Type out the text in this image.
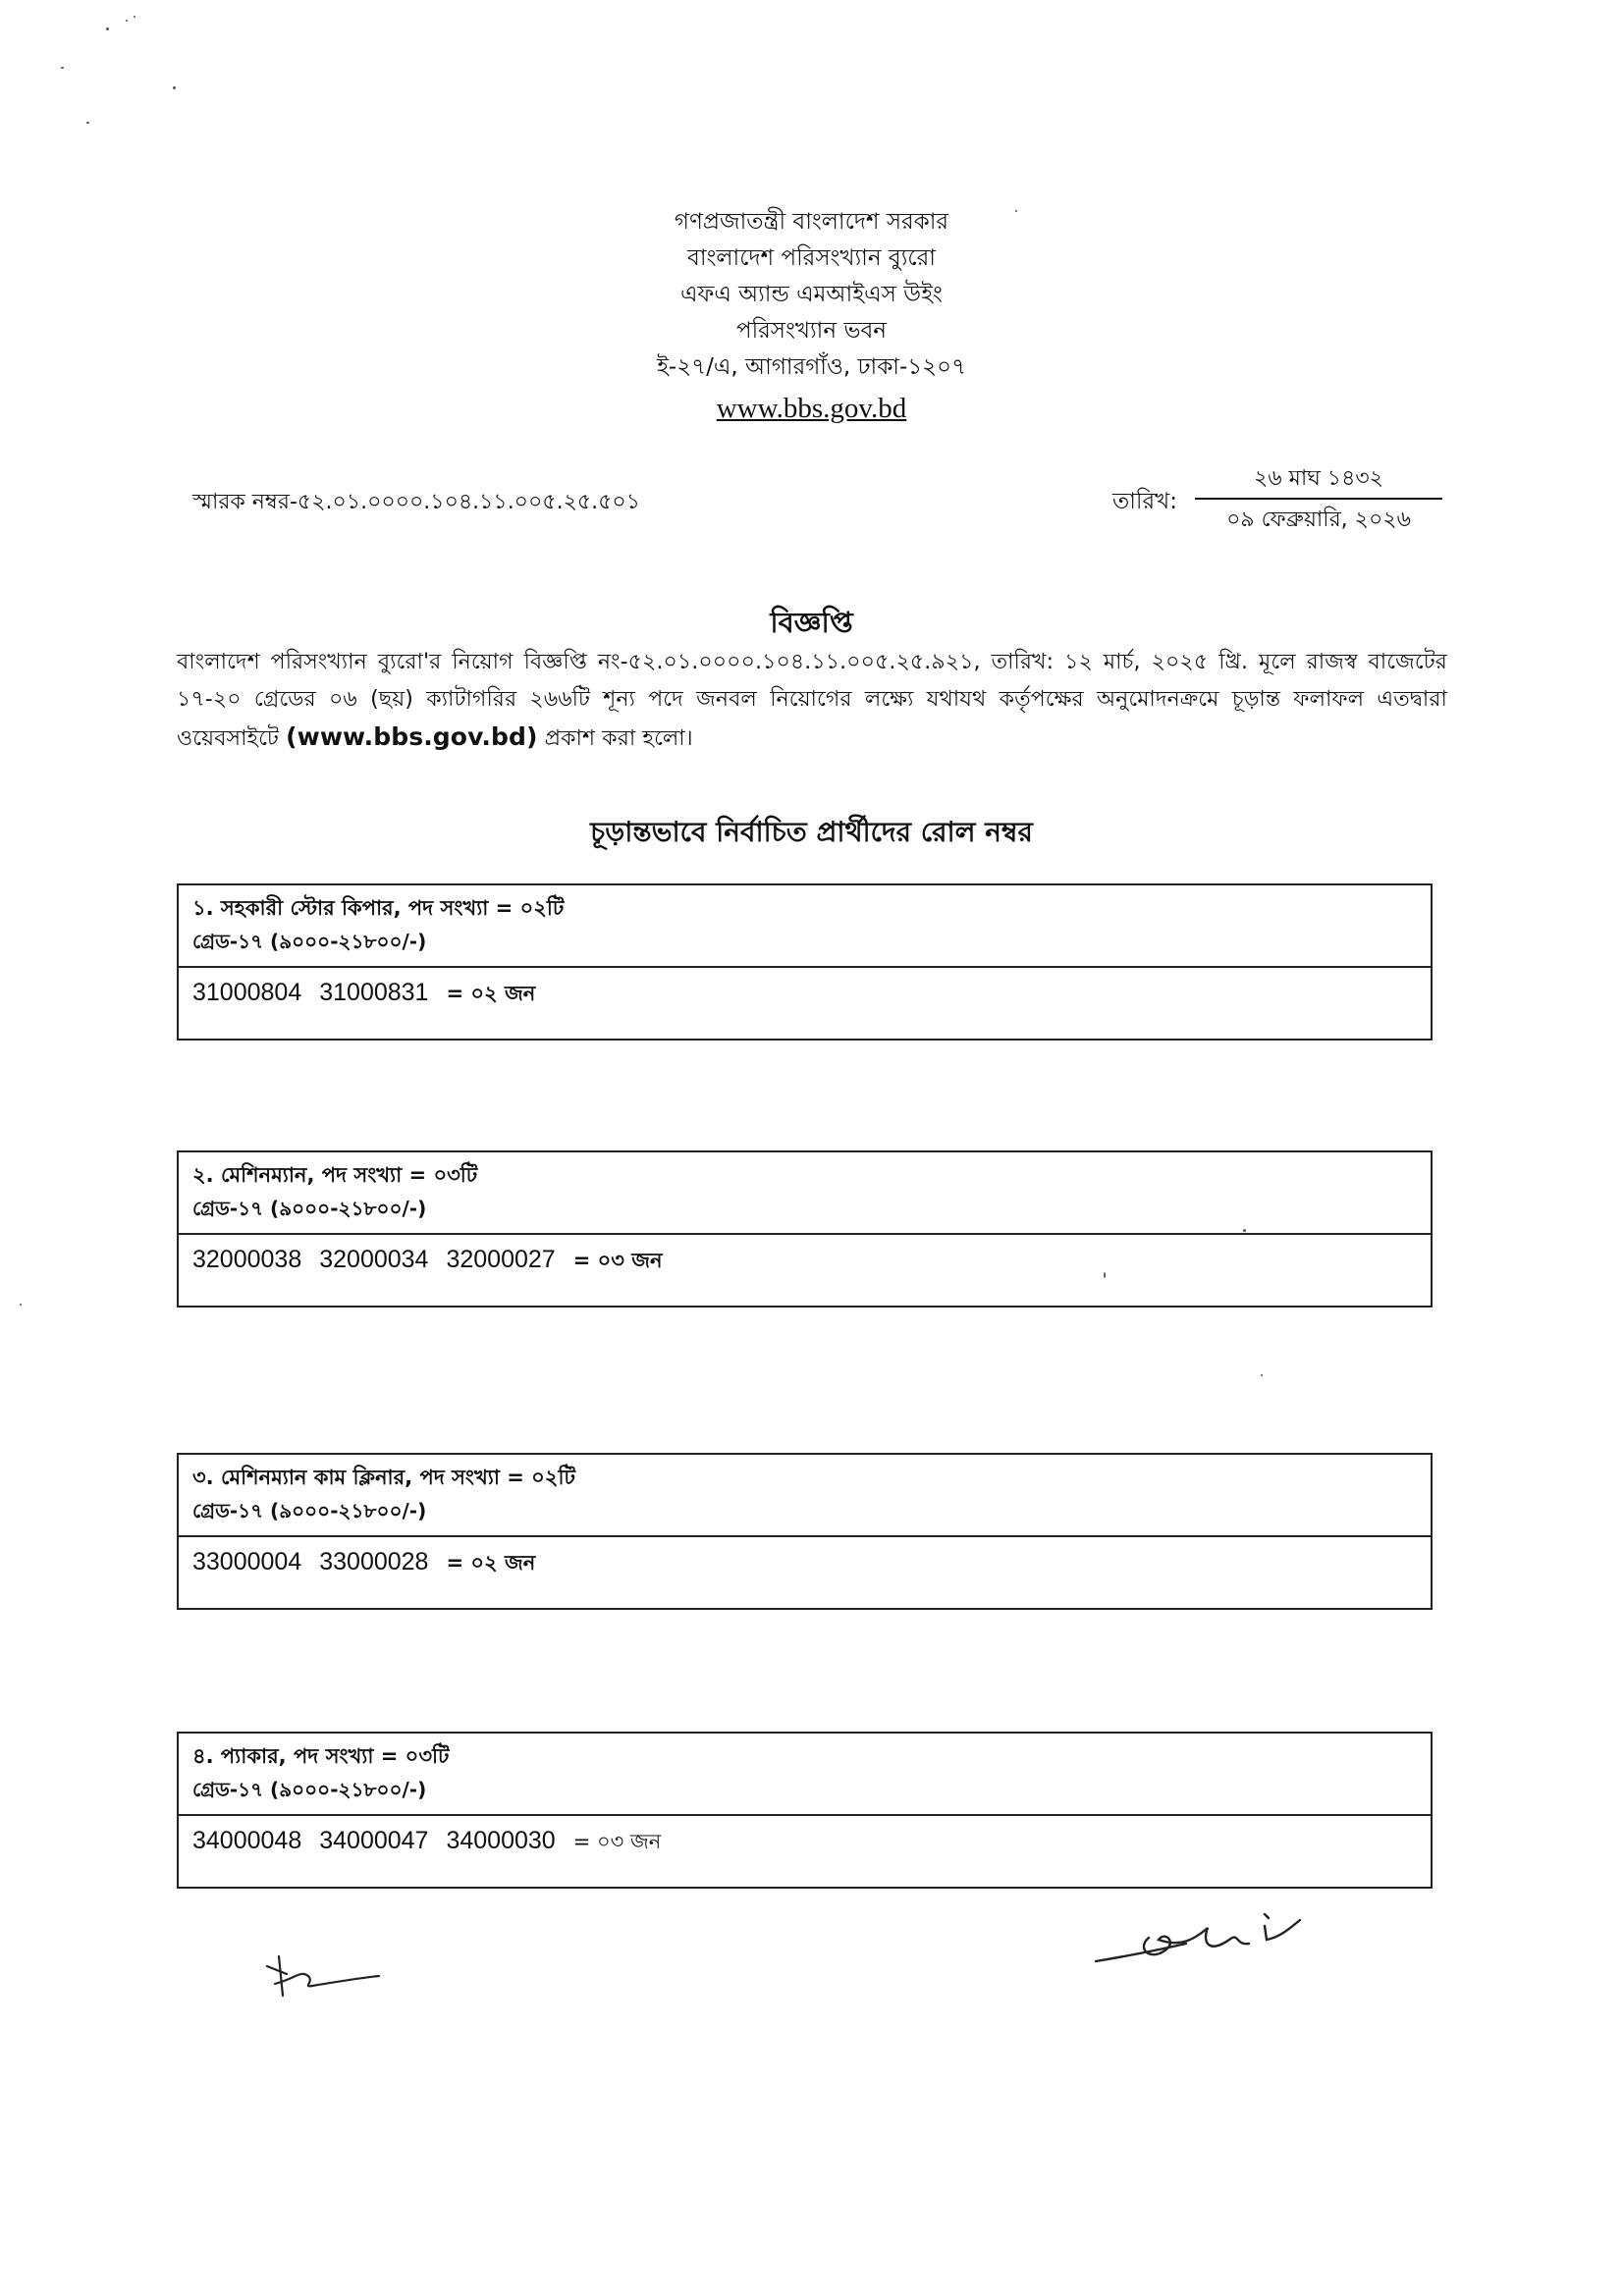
গণপ্রজাতন্ত্রী বাংলাদেশ সরকার
বাংলাদেশ পরিসংখ্যান ব্যুরো
এফএ অ্যান্ড এমআইএস উইং
পরিসংখ্যান ভবন
ই-২৭/এ, আগারগাঁও, ঢাকা-১২০৭
www.bbs.gov.bd
স্মারক নম্বর-৫২.০১.০০০০.১০৪.১১.০০৫.২৫.৫০১	তারিখ:
২৬ মাঘ ১৪৩২
০৯ ফেব্রুয়ারি, ২০২৬
বিজ্ঞপ্তি
বাংলাদেশ পরিসংখ্যান ব্যুরো'র নিয়োগ বিজ্ঞপ্তি নং-৫২.০১.০০০০.১০৪.১১.০০৫.২৫.৯২১, তারিখ: ১২ মার্চ, ২০২৫ খ্রি. মূলে রাজস্ব বাজেটের ১৭-২০ গ্রেডের ০৬ (ছয়) ক্যাটাগরির ২৬৬টি শূন্য পদে জনবল নিয়োগের লক্ষ্যে যথাযথ কর্তৃপক্ষের অনুমোদনক্রমে চূড়ান্ত ফলাফল এতদ্বারা ওয়েবসাইটে (www.bbs.gov.bd) প্রকাশ করা হলো।
চূড়ান্তভাবে নির্বাচিত প্রার্থীদের রোল নম্বর
১. সহকারী স্টোর কিপার, পদ সংখ্যা = ০২টি
গ্রেড-১৭ (৯০০০-২১৮০০/-)
31000804 31000831 = ০২ জন
২. মেশিনম্যান, পদ সংখ্যা = ০৩টি
গ্রেড-১৭ (৯০০০-২১৮০০/-)
32000038 32000034 32000027 = ০৩ জন
৩. মেশিনম্যান কাম ক্লিনার, পদ সংখ্যা = ০২টি
গ্রেড-১৭ (৯০০০-২১৮০০/-)
33000004 33000028 = ০২ জন
৪. প্যাকার, পদ সংখ্যা = ০৩টি
গ্রেড-১৭ (৯০০০-২১৮০০/-)
34000048 34000047 34000030 = ০৩ জন
